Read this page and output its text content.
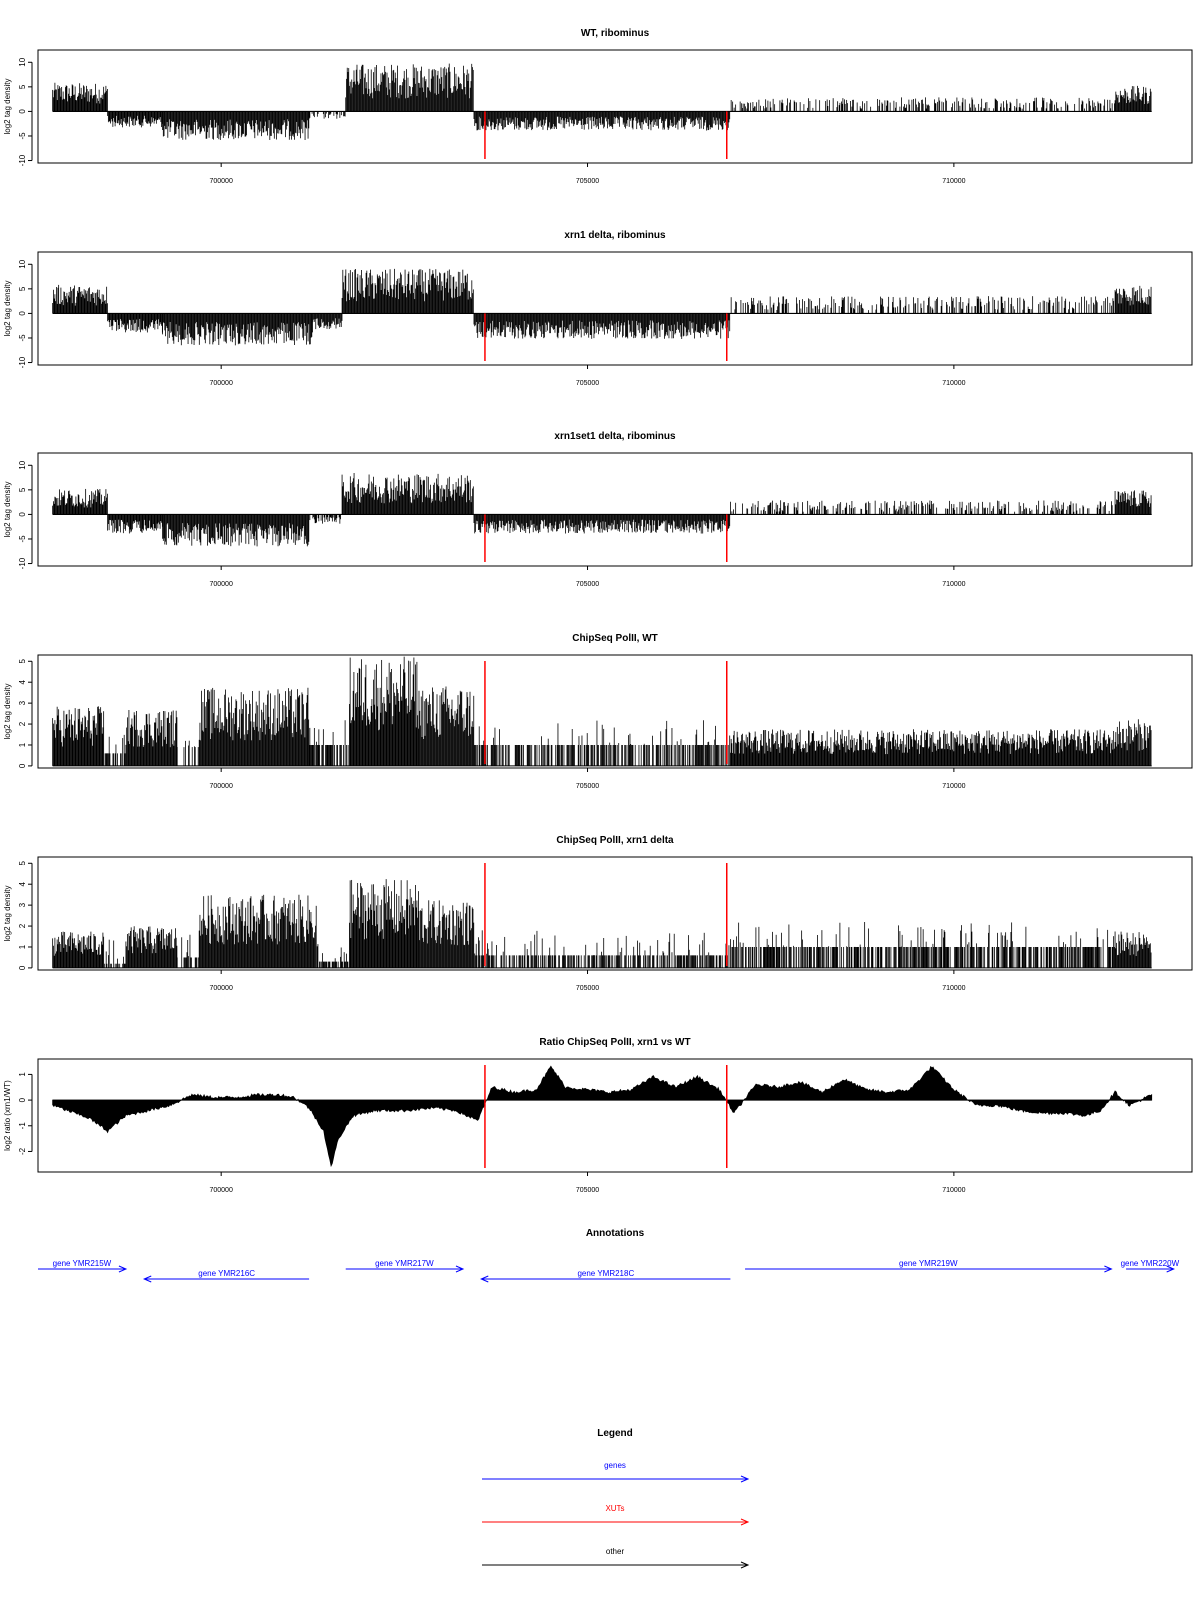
WT, ribominus
-10
-5
0
5
10
log2 tag density
700000	705000	710000
xrn1 delta, ribominus
-10
-5
0
5
10
log2 tag density
700000	705000	710000
xrn1set1 delta, ribominus
-10
-5
0
5
10
log2 tag density
700000	705000	710000
ChipSeq PolII, WT
0
1
2
3
4
5
log2 tag density
700000	705000	710000
ChipSeq PolII, xrn1 delta
0
1
2
3
4
5
log2 tag density
700000	705000	710000
Ratio ChipSeq PolII, xrn1 vs WT
-2
-1
0
1
log2 ratio (xrn1/WT)
700000	705000	710000
Annotations
gene YMR215W
gene YMR216C
gene YMR217W
gene YMR218C
gene YMR219W	gene YMR220W
Legend
genes
XUTs
other
